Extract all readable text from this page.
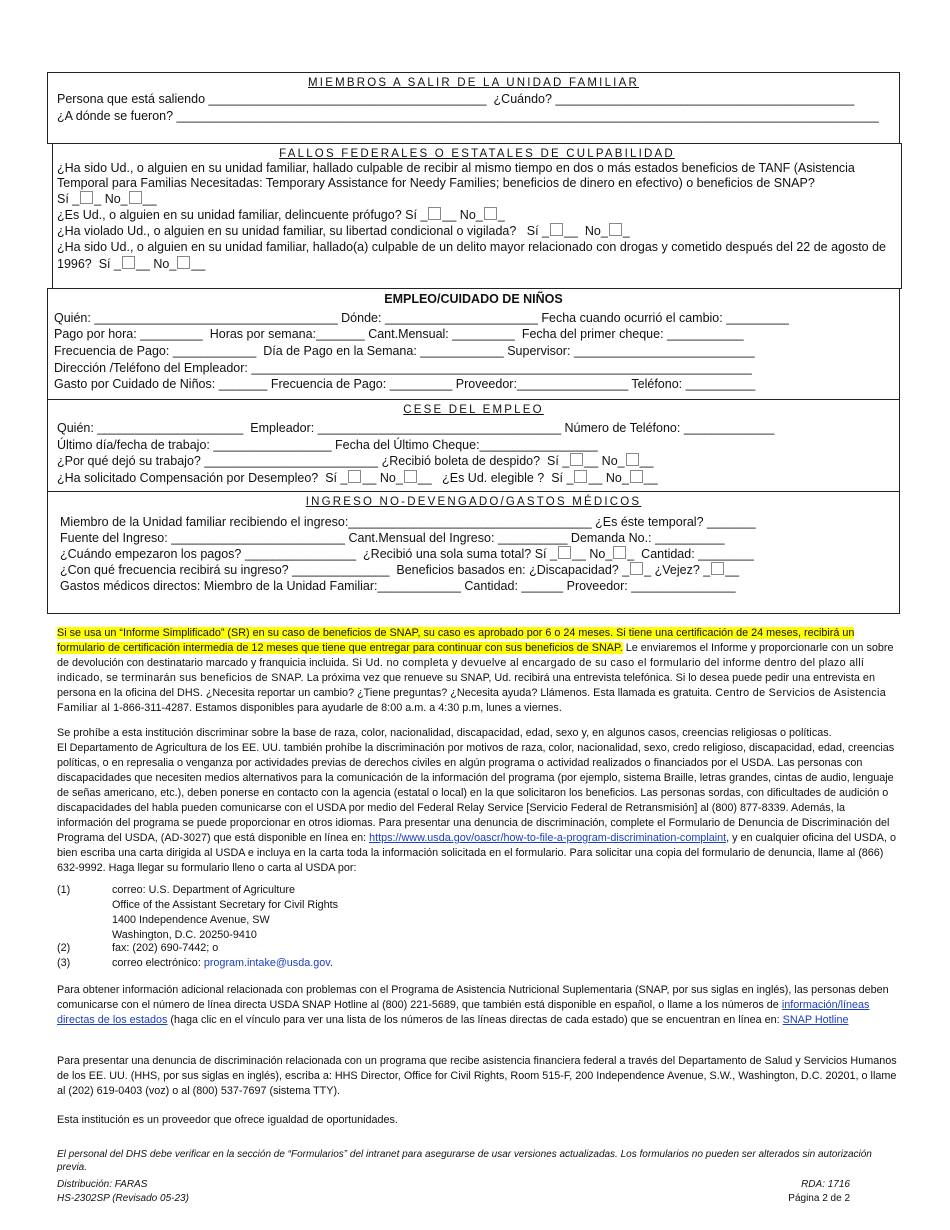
MIEMBROS A SALIR DE LA UNIDAD FAMILIAR
Persona que está saliendo ________________________________________ ¿Cuándo? ___________________________________________
¿A dónde se fueron? _____________________________________________________________________________________________________
FALLOS FEDERALES O ESTATALES DE CULPABILIDAD
¿Ha sido Ud., o alguien en su unidad familiar, hallado culpable de recibir al mismo tiempo en dos o más estados beneficios de TANF (Asistencia
Temporal para Familias Necesitadas: Temporary Assistance for Needy Families; beneficios de dinero en efectivo) o beneficios de SNAP?
Sí _ _ No_ __
¿Es Ud., o alguien en su unidad familiar, delincuente prófugo? Sí _ __ No_ _
¿Ha violado Ud., o alguien en su unidad familiar, su libertad condicional o vigilada? Sí _ __  No_ _
¿Ha sido Ud., o alguien en su unidad familiar, hallado(a) culpable de un delito mayor relacionado con drogas y cometido después del 22 de agosto de
1996? Sí _ __ No_ __
EMPLEO/CUIDADO DE NIÑOS
Quién: ___________________________________ Dónde: ______________________ Fecha cuando ocurrió el cambio: _________
Pago por hora: _________ Horas por semana:_______ Cant.Mensual: _________ Fecha del primer cheque: ___________
Frecuencia de Pago: ____________ Día de Pago en la Semana: ____________ Supervisor: __________________________
Dirección /Teléfono del Empleador: ________________________________________________________________________
Gasto por Cuidado de Niños: _______ Frecuencia de Pago: _________ Proveedor:________________ Teléfono: __________
CESE DEL EMPLEO
Quién: _____________________ Empleador: ___________________________________ Número de Teléfono: _____________
Último día/fecha de trabajo: _________________ Fecha del Último Cheque:_________________
¿Por qué dejó su trabajo? _________________________ ¿Recibió boleta de despido? Sí _ __ No_ __
¿Ha solicitado Compensación por Desempleo? Sí _ __ No_ __   ¿Es Ud. elegible ? Sí _ __ No_ __
INGRESO NO-DEVENGADO/GASTOS MÉDICOS
Miembro de la Unidad familiar recibiendo el ingreso:___________________________________ ¿Es éste temporal? _______
Fuente del Ingreso: _________________________ Cant.Mensual del Ingreso: __________ Demanda No.: __________
¿Cuándo empezaron los pagos? ________________ ¿Recibió una sola suma total? Sí _ __ No_ _  Cantidad: ________
¿Con qué frecuencia recibirá su ingreso? ______________ Beneficios basados en: ¿Discapacidad? _ _ ¿Vejez? _ __
Gastos médicos directos: Miembro de la Unidad Familiar:____________ Cantidad: ______ Proveedor: _______________
Si se usa un “Informe Simplificado” (SR) en su caso de beneficios de SNAP, su caso es aprobado por 6 o 24 meses. Si tiene una certificación de 24 meses, recibirá un formulario de certificación intermedia de 12 meses que tiene que entregar para continuar con sus beneficios de SNAP. Le enviaremos el Informe y proporcionarle con un sobre de devolución con destinatario marcado y franquicia incluida. Si Ud. no completa y devuelve al encargado de su caso el formulario del informe dentro del plazo allí indicado, se terminarán sus beneficios de SNAP. La próxima vez que renueve su SNAP, Ud. recibirá una entrevista telefónica. Si lo desea puede pedir una entrevista en persona en la oficina del DHS. ¿Necesita reportar un cambio? ¿Tiene preguntas? ¿Necesita ayuda? Llámenos. Esta llamada es gratuita. Centro de Servicios de Asistencia Familiar al 1-866-311-4287. Estamos disponibles para ayudarle de 8:00 a.m. a 4:30 p.m, lunes a viernes.
Se prohíbe a esta institución discriminar sobre la base de raza, color, nacionalidad, discapacidad, edad, sexo y, en algunos casos, creencias religiosas o políticas.
El Departamento de Agricultura de los EE. UU. también prohíbe la discriminación por motivos de raza, color, nacionalidad, sexo, credo religioso, discapacidad, edad, creencias políticas, o en represalia o venganza por actividades previas de derechos civiles en algún programa o actividad realizados o financiados por el USDA. Las personas con discapacidades que necesiten medios alternativos para la comunicación de la información del programa (por ejemplo, sistema Braille, letras grandes, cintas de audio, lenguaje de señas americano, etc.), deben ponerse en contacto con la agencia (estatal o local) en la que solicitaron los beneficios. Las personas sordas, con dificultades de audición o discapacidades del habla pueden comunicarse con el USDA por medio del Federal Relay Service [Servicio Federal de Retransmisión] al (800) 877-8339. Además, la información del programa se puede proporcionar en otros idiomas. Para presentar una denuncia de discriminación, complete el Formulario de Denuncia de Discriminación del Programa del USDA, (AD-3027) que está disponible en línea en: https://www.usda.gov/oascr/how-to-file-a-program-discrimination-complaint, y en cualquier oficina del USDA, o bien escriba una carta dirigida al USDA e incluya en la carta toda la información solicitada en el formulario. Para solicitar una copia del formulario de denuncia, llame al (866) 632-9992. Haga llegar su formulario lleno o carta al USDA por:
(1)	correo: U.S. Department of Agriculture
Office of the Assistant Secretary for Civil Rights
1400 Independence Avenue, SW
Washington, D.C. 20250-9410
(2)	fax: (202) 690-7442; o
(3)	correo electrónico: program.intake@usda.gov.
Para obtener información adicional relacionada con problemas con el Programa de Asistencia Nutricional Suplementaria (SNAP, por sus siglas en inglés), las personas deben comunicarse con el número de línea directa USDA SNAP Hotline al (800) 221-5689, que también está disponible en español, o llame a los números de información/líneas directas de los estados (haga clic en el vínculo para ver una lista de los números de las líneas directas de cada estado) que se encuentran en línea en: SNAP Hotline
Para presentar una denuncia de discriminación relacionada con un programa que recibe asistencia financiera federal a través del Departamento de Salud y Servicios Humanos de los EE. UU. (HHS, por sus siglas en inglés), escriba a: HHS Director, Office for Civil Rights, Room 515-F, 200 Independence Avenue, S.W., Washington, D.C. 20201, o llame al (202) 619-0403 (voz) o al (800) 537-7697 (sistema TTY).
Esta institución es un proveedor que ofrece igualdad de oportunidades.
El personal del DHS debe verificar en la sección de “Formularios” del intranet para asegurarse de usar versiones actualizadas. Los formularios no pueden ser alterados sin autorización previa.
Distribución: FARAS
HS-2302SP (Revisado 05-23)
RDA: 1716
Página 2 de 2
